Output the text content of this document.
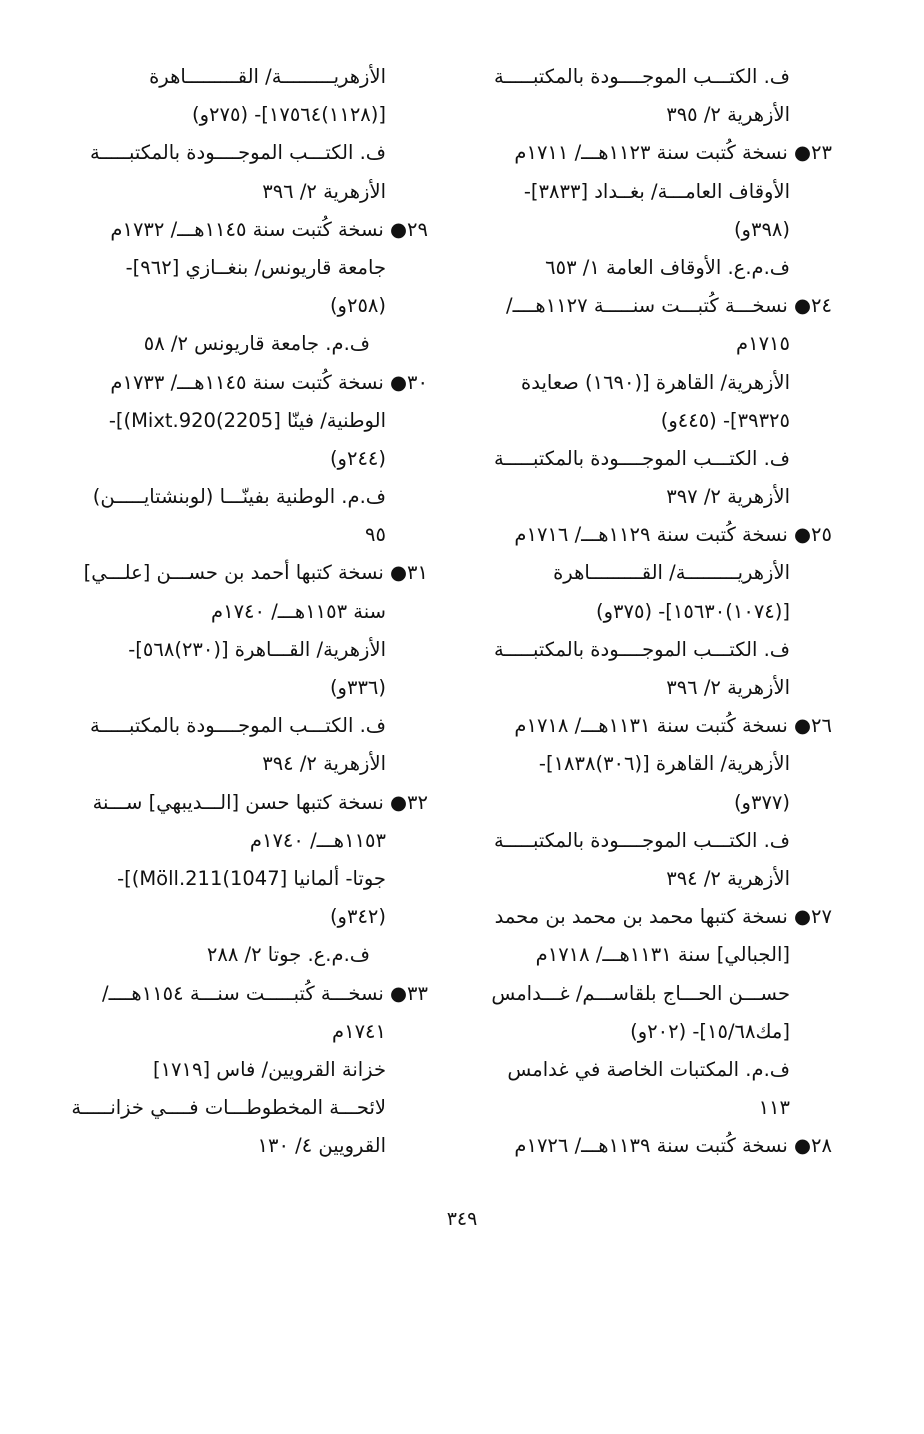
ف. الكتـــب الموجــــودة بالمكتبـــــة
الأزهرية ٢/ ٣٩٥
٢٣● نسخة كُتبت سنة ١١٢٣هـــ/ ١٧١١م
الأوقاف العامـــة/ بغــداد [٣٨٣٣]-
(٣٩٨و)
ف.م.ع. الأوقاف العامة ١/ ٦٥٣
٢٤● نسخـــة كُتبـــت سنـــــة ١١٢٧هــــ/
١٧١٥م
الأزهرية/ القاهرة [(١٦٩٠) صعايدة
٣٩٣٢٥]- (٤٤٥و)
ف. الكتـــب الموجــــودة بالمكتبـــــة
الأزهرية ٢/ ٣٩٧
٢٥● نسخة كُتبت سنة ١١٢٩هـــ/ ١٧١٦م
الأزهريـــــــــة/ القـــــــــاهرة
[(١٠٧٤)١٥٦٣٠]- (٣٧٥و)
ف. الكتـــب الموجــــودة بالمكتبـــــة
الأزهرية ٢/ ٣٩٦
٢٦● نسخة كُتبت سنة ١١٣١هـــ/ ١٧١٨م
الأزهرية/ القاهرة [(٣٠٦)١٨٣٨]-
(٣٧٧و)
ف. الكتـــب الموجــــودة بالمكتبـــــة
الأزهرية ٢/ ٣٩٤
٢٧● نسخة كتبها محمد بن محمد بن محمد
[الجبالي] سنة ١١٣١هـــ/ ١٧١٨م
حســـن الحـــاج بلقاســـم/ غـــدامس
[مك١٥/٦٨]- (٢٠٢و)
ف.م. المكتبات الخاصة في غدامس
١١٣
٢٨● نسخة كُتبت سنة ١١٣٩هـــ/ ١٧٢٦م
الأزهريـــــــــة/ القـــــــــاهرة
[(١١٢٨)١٧٥٦٤]- (٢٧٥و)
ف. الكتـــب الموجــــودة بالمكتبـــــة
الأزهرية ٢/ ٣٩٦
٢٩● نسخة كُتبت سنة ١١٤٥هـــ/ ١٧٣٢م
جامعة قاريونس/ بنغــازي [٩٦٢]-
(٢٥٨و)
ف.م. جامعة قاريونس ٢/ ٥٨
٣٠● نسخة كُتبت سنة ١١٤٥هـــ/ ١٧٣٣م
الوطنية/ فينّا [2205)Mixt.920)]-
(٢٤٤و)
ف.م. الوطنية بفينّـــا (لوبنشتايـــــن)
٩٥
٣١● نسخة كتبها أحمد بن حســـن [علـــي]
سنة ١١٥٣هـــ/ ١٧٤٠م
الأزهرية/ القـــاهرة [(٢٣٠)٥٦٨]-
(٣٣٦و)
ف. الكتـــب الموجــــودة بالمكتبـــــة
الأزهرية ٢/ ٣٩٤
٣٢● نسخة كتبها حسن [الـــديبهي] ســـنة
١١٥٣هـــ/ ١٧٤٠م
جوتا- ألمانيا [1047)Möll.211)]-
(٣٤٢و)
ف.م.ع. جوتا ٢/ ٢٨٨
٣٣● نسخـــة كُتبـــــت سنـــة ١١٥٤هــــ/
١٧٤١م
خزانة القرويين/ فاس [١٧١٩]
لائحـــة المخطوطـــات فــــي خزانـــــة
القرويين ٤/ ١٣٠
٣٤٩
